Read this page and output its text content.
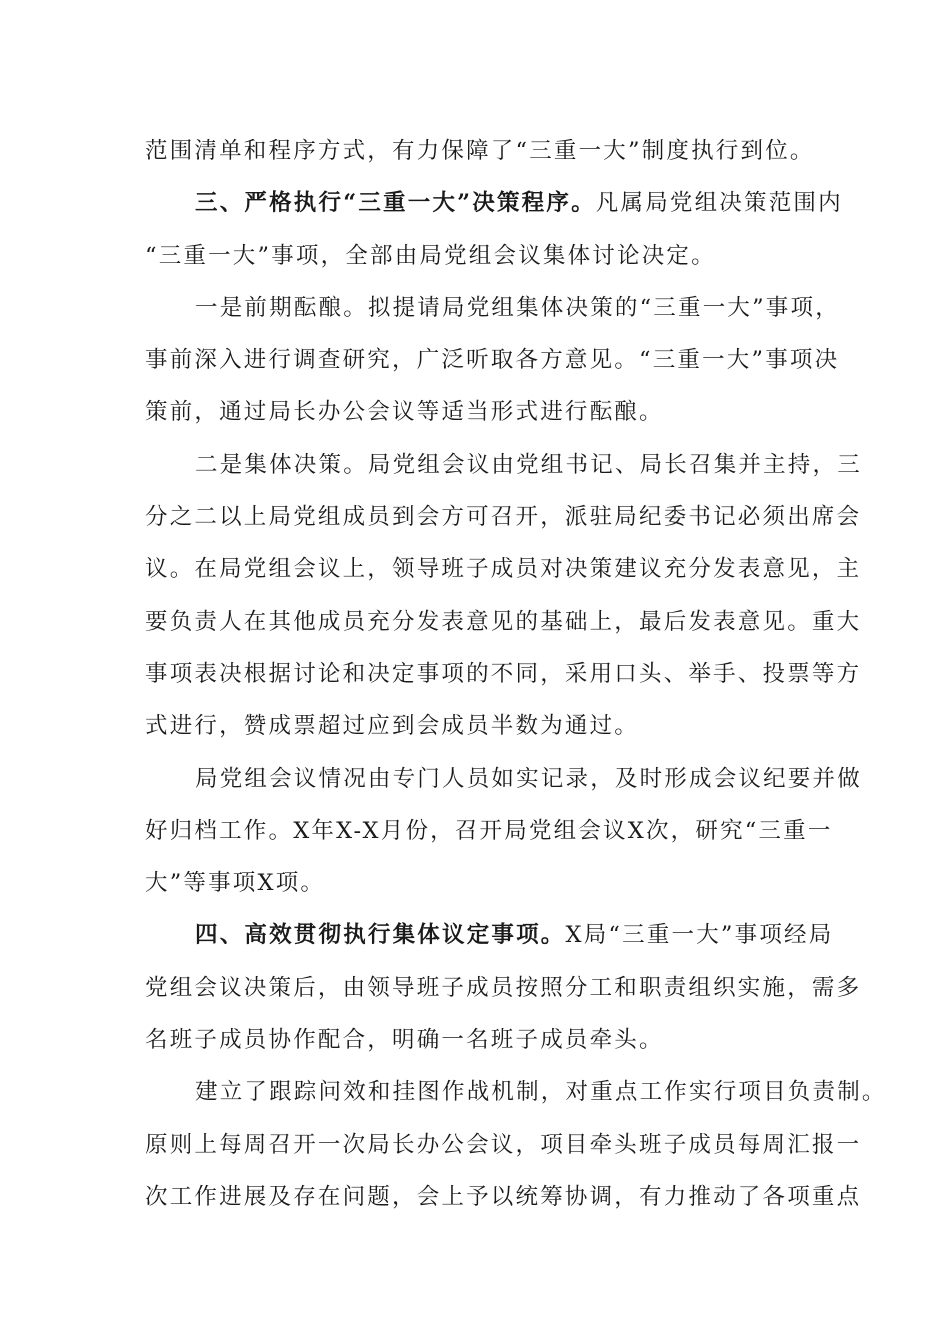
范围清单和程序方式，有力保障了“三重一大”制度执行到位。
三、严格执行“三重一大”决策程序。凡属局党组决策范围内
“三重一大”事项，全部由局党组会议集体讨论决定。
一是前期酝酿。拟提请局党组集体决策的“三重一大”事项，
事前深入进行调查研究，广泛听取各方意见。“三重一大”事项决
策前，通过局长办公会议等适当形式进行酝酿。
二是集体决策。局党组会议由党组书记、局长召集并主持，三
分之二以上局党组成员到会方可召开，派驻局纪委书记必须出席会
议。在局党组会议上，领导班子成员对决策建议充分发表意见，主
要负责人在其他成员充分发表意见的基础上，最后发表意见。重大
事项表决根据讨论和决定事项的不同，采用口头、举手、投票等方
式进行，赞成票超过应到会成员半数为通过。
局党组会议情况由专门人员如实记录，及时形成会议纪要并做
好归档工作。X年X-X月份，召开局党组会议X次，研究“三重一
大”等事项X项。
四、高效贯彻执行集体议定事项。X局“三重一大”事项经局
党组会议决策后，由领导班子成员按照分工和职责组织实施，需多
名班子成员协作配合，明确一名班子成员牵头。
建立了跟踪问效和挂图作战机制，对重点工作实行项目负责制。
原则上每周召开一次局长办公会议，项目牵头班子成员每周汇报一
次工作进展及存在问题，会上予以统筹协调，有力推动了各项重点
